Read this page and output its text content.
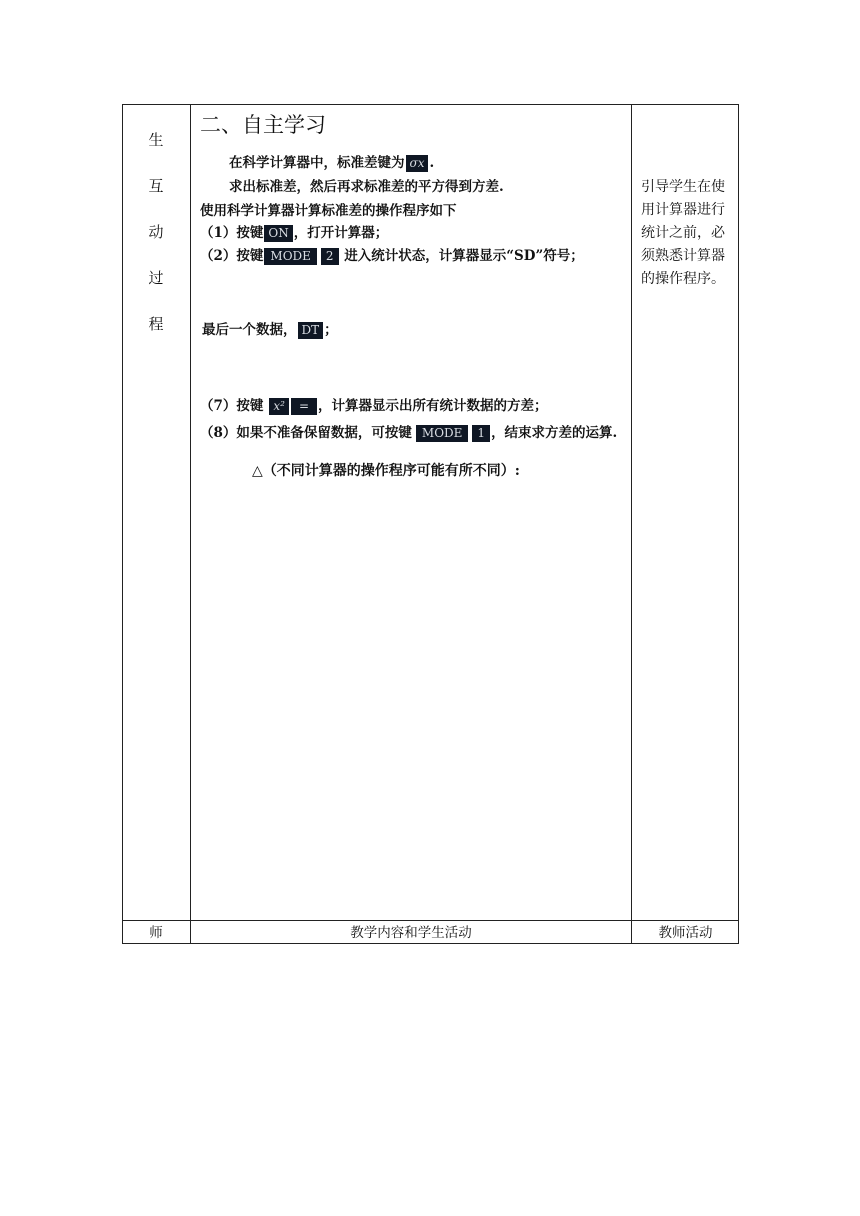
生
互
动
过
程
二、自主学习
在科学计算器中，标准差键为 σx .
求出标准差，然后再求标准差的平方得到方差.
使用科学计算器计算标准差的操作程序如下
（1）按键 ON ，打开计算器；
（2）按键 MODE 2 进入统计状态，计算器显示“SD”符号；
最后一个数据， DT ；
（7）按键 x² = ，计算器显示出所有统计数据的方差；
（8）如果不准备保留数据，可按键 MODE 1 ，结束求方差的运算.
△（不同计算器的操作程序可能有所不同）:
引导学生在使用计算器进行统计之前，必须熟悉计算器的操作程序。
师	教学内容和学生活动	教师活动
